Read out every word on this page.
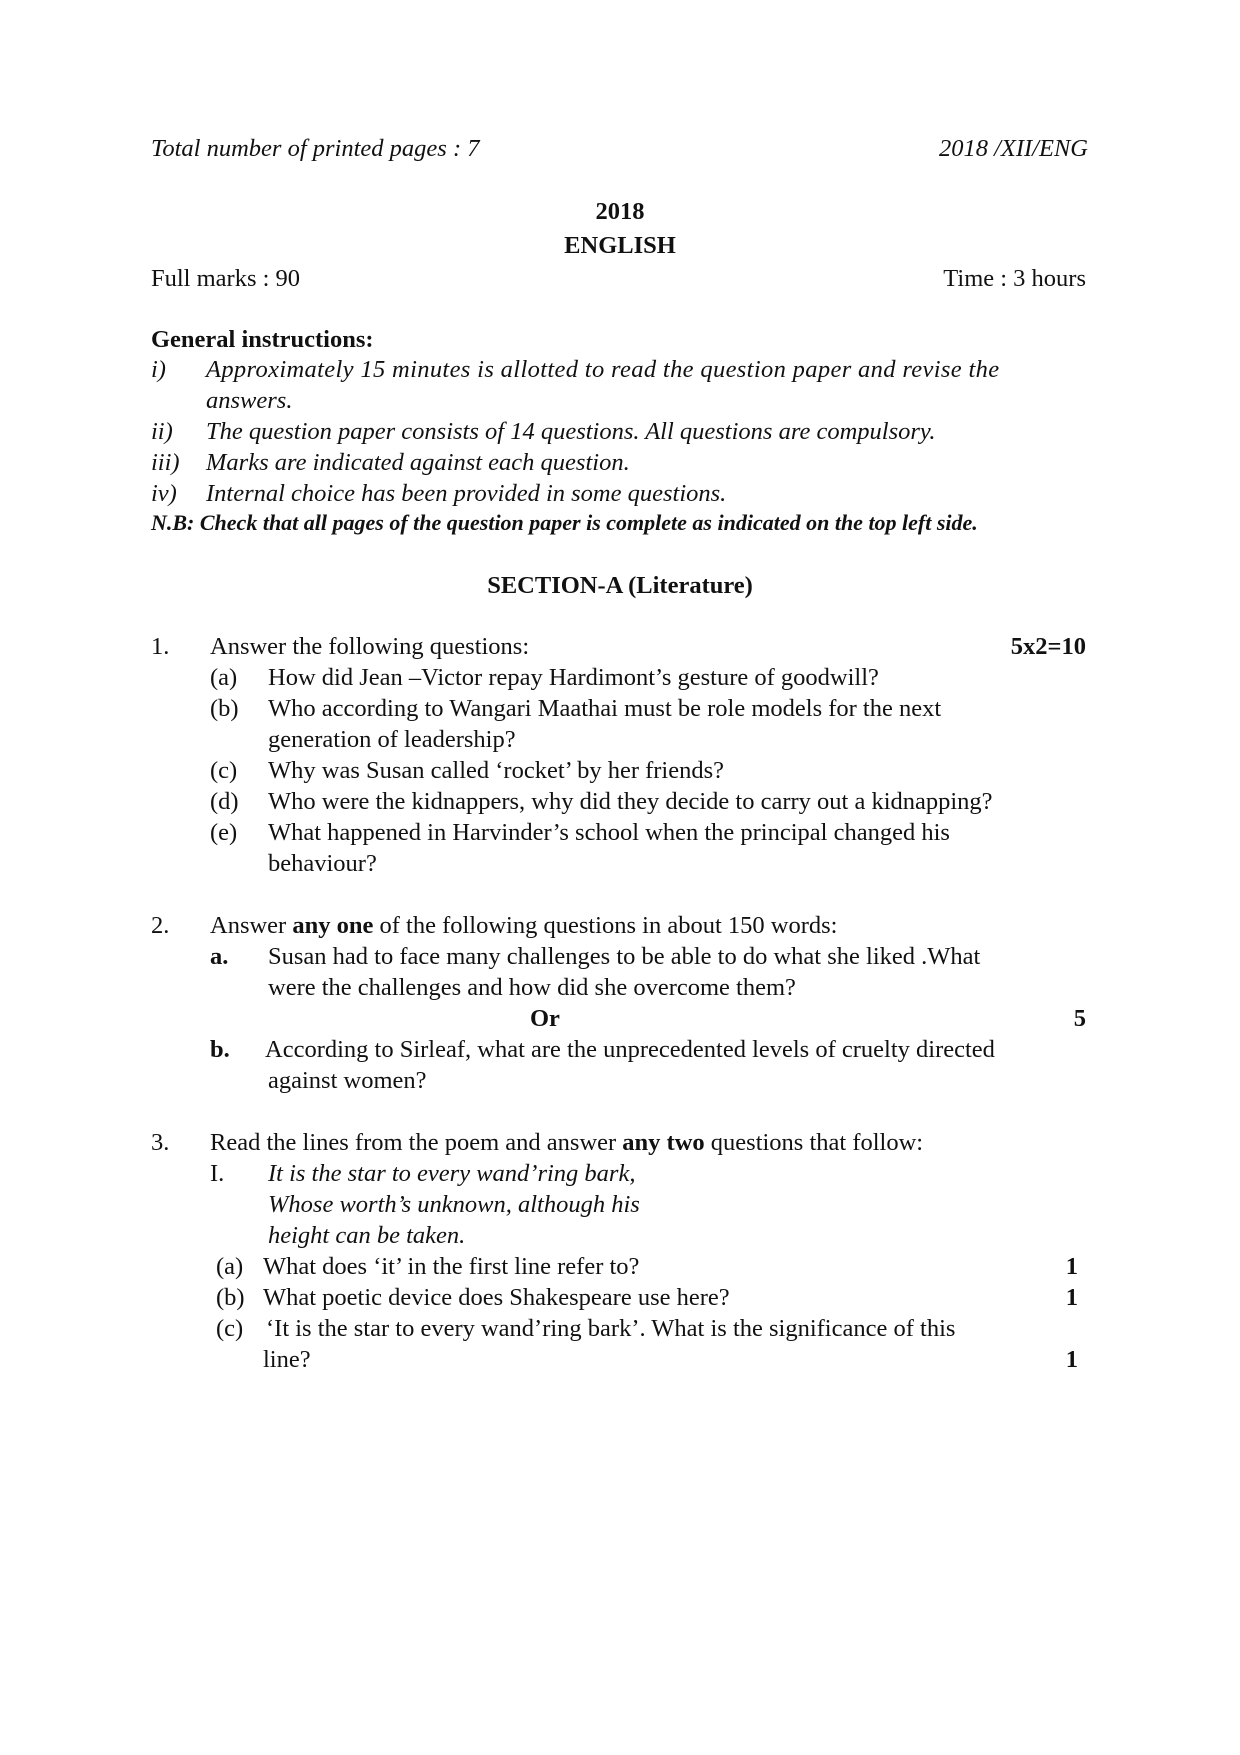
Total number of printed pages : 7	2018 /XII/ENG
2018
ENGLISH
Full marks : 90	Time : 3 hours
General instructions:
i) Approximately 15 minutes is allotted to read the question paper and revise the
answers.
ii) The question paper consists of 14 questions. All questions are compulsory.
iii) Marks are indicated against each question.
iv) Internal choice has been provided in some questions.
N.B: Check that all pages of the question paper is complete as indicated on the top left side.
SECTION-A (Literature)
1. Answer the following questions:	5x2=10
(a) How did Jean –Victor repay Hardimont’s gesture of goodwill?
(b) Who according to Wangari Maathai must be role models for the next
generation of leadership?
(c) Why was Susan called ‘rocket’ by her friends?
(d) Who were the kidnappers, why did they decide to carry out a kidnapping?
(e) What happened in Harvinder’s school when the principal changed his
behaviour?
2. Answer any one of the following questions in about 150 words:
a. Susan had to face many challenges to be able to do what she liked .What
were the challenges and how did she overcome them?
Or	5
b. According to Sirleaf, what are the unprecedented levels of cruelty directed
against women?
3. Read the lines from the poem and answer any two questions that follow:
I. It is the star to every wand’ring bark,
Whose worth’s unknown, although his
height can be taken.
(a) What does ‘it’ in the first line refer to?	1
(b) What poetic device does Shakespeare use here?	1
(c) ‘It is the star to every wand’ring bark’. What is the significance of this
line?	1
